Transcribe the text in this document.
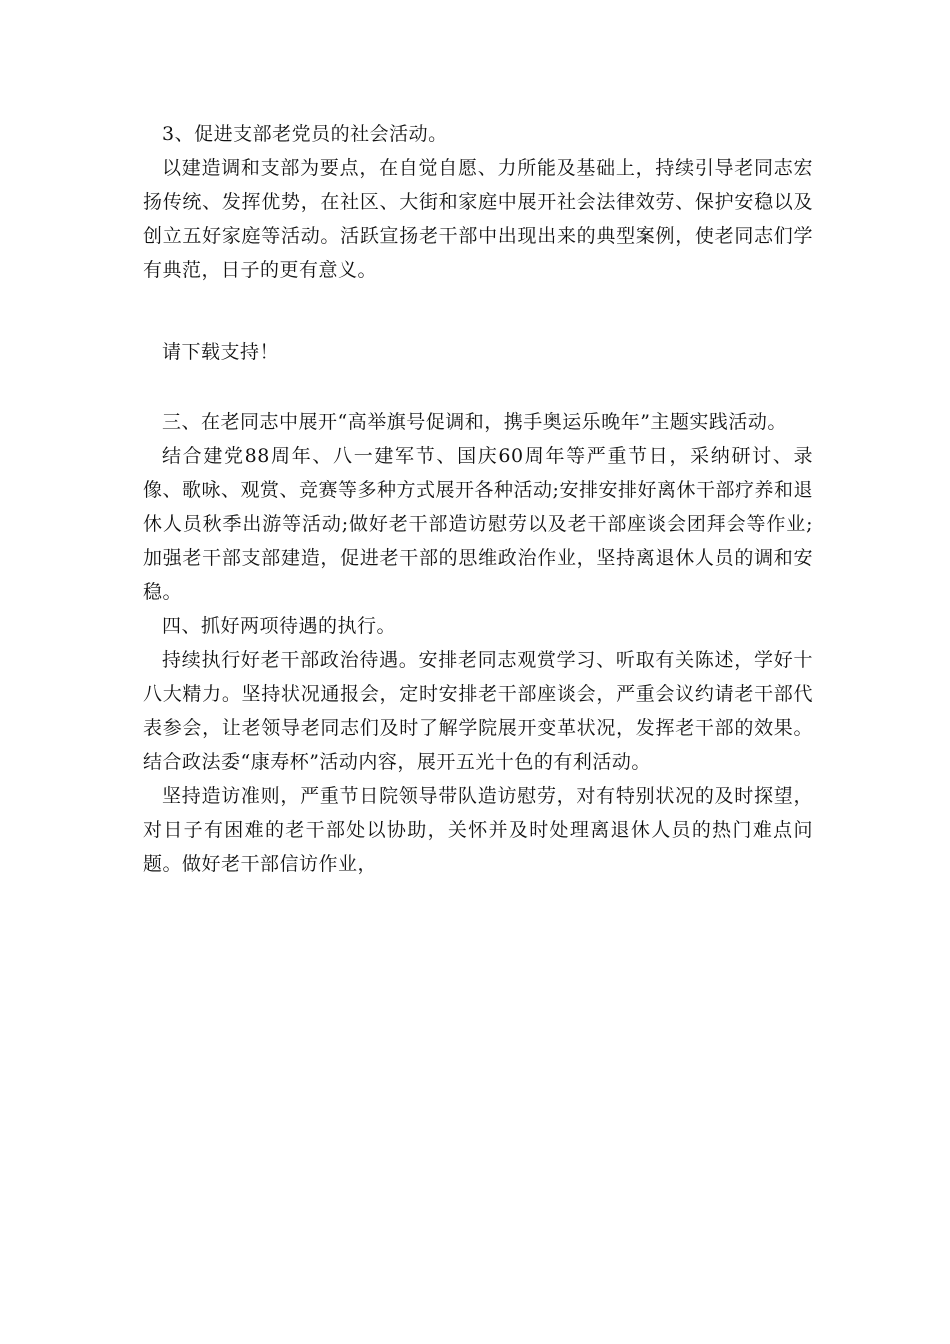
3、促进支部老党员的社会活动。

以建造调和支部为要点，在自觉自愿、力所能及基础上，持续引导老同志宏扬传统、发挥优势，在社区、大街和家庭中展开社会法律效劳、保护安稳以及创立五好家庭等活动。活跃宣扬老干部中出现出来的典型案例，使老同志们学有典范，日子的更有意义。

请下载支持！

三、在老同志中展开“高举旗号促调和，携手奥运乐晚年”主题实践活动。

结合建党88周年、八一建军节、国庆60周年等严重节日，采纳研讨、录像、歌咏、观赏、竞赛等多种方式展开各种活动;安排安排好离休干部疗养和退休人员秋季出游等活动;做好老干部造访慰劳以及老干部座谈会团拜会等作业;加强老干部支部建造，促进老干部的思维政治作业，坚持离退休人员的调和安稳。

四、抓好两项待遇的执行。

持续执行好老干部政治待遇。安排老同志观赏学习、听取有关陈述，学好十八大精力。坚持状况通报会，定时安排老干部座谈会，严重会议约请老干部代表参会，让老领导老同志们及时了解学院展开变革状况，发挥老干部的效果。结合政法委“康寿杯”活动内容，展开五光十色的有利活动。

坚持造访准则，严重节日院领导带队造访慰劳，对有特别状况的及时探望，对日子有困难的老干部处以协助，关怀并及时处理离退休人员的热门难点问题。做好老干部信访作业，
